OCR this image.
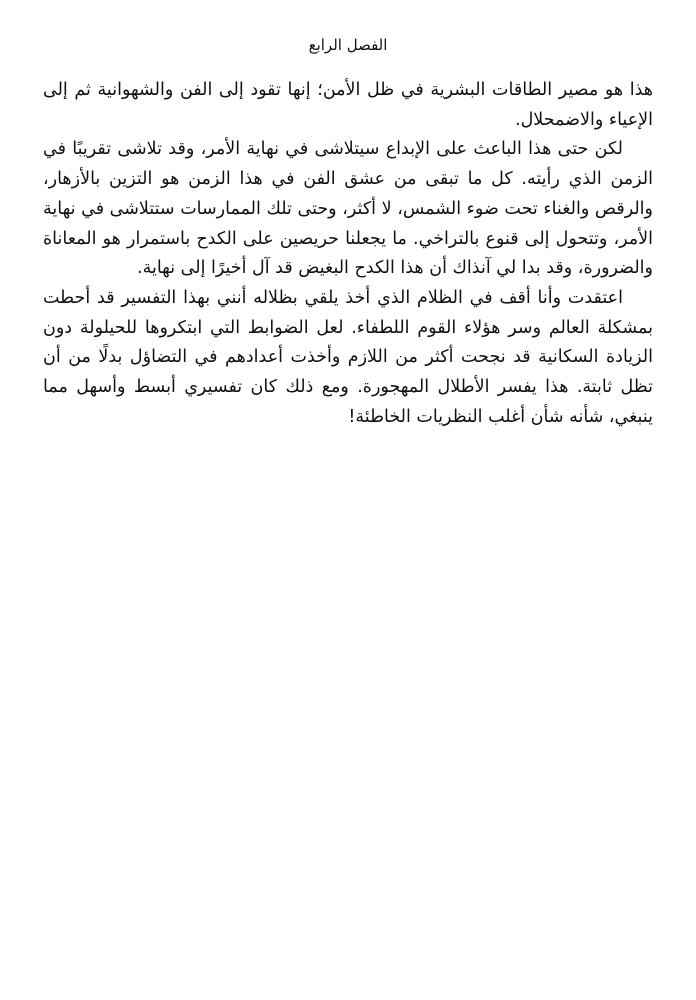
الفصل الرابع

هذا هو مصير الطاقات البشرية في ظل الأمن؛ إنها تقود إلى الفن والشهوانية ثم إلى الإعياء والاضمحلال.

لكن حتى هذا الباعث على الإبداع سيتلاشى في نهاية الأمر، وقد تلاشى تقريبًا في الزمن الذي رأيته. كل ما تبقى من عشق الفن في هذا الزمن هو التزين بالأزهار، والرقص والغناء تحت ضوء الشمس، لا أكثر، وحتى تلك الممارسات ستتلاشى في نهاية الأمر، وتتحول إلى قنوع بالتراخي. ما يجعلنا حريصين على الكدح باستمرار هو المعاناة والضرورة، وقد بدا لي آنذاك أن هذا الكدح البغيض قد آل أخيرًا إلى نهاية.

اعتقدت وأنا أقف في الظلام الذي أخذ يلقي بظلاله أنني بهذا التفسير قد أحطت بمشكلة العالم وسر هؤلاء القوم اللطفاء. لعل الضوابط التي ابتكروها للحيلولة دون الزيادة السكانية قد نجحت أكثر من اللازم وأخذت أعدادهم في التضاؤل بدلًا من أن تظل ثابتة. هذا يفسر الأطلال المهجورة. ومع ذلك كان تفسيري أبسط وأسهل مما ينبغي، شأنه شأن أغلب النظريات الخاطئة!
